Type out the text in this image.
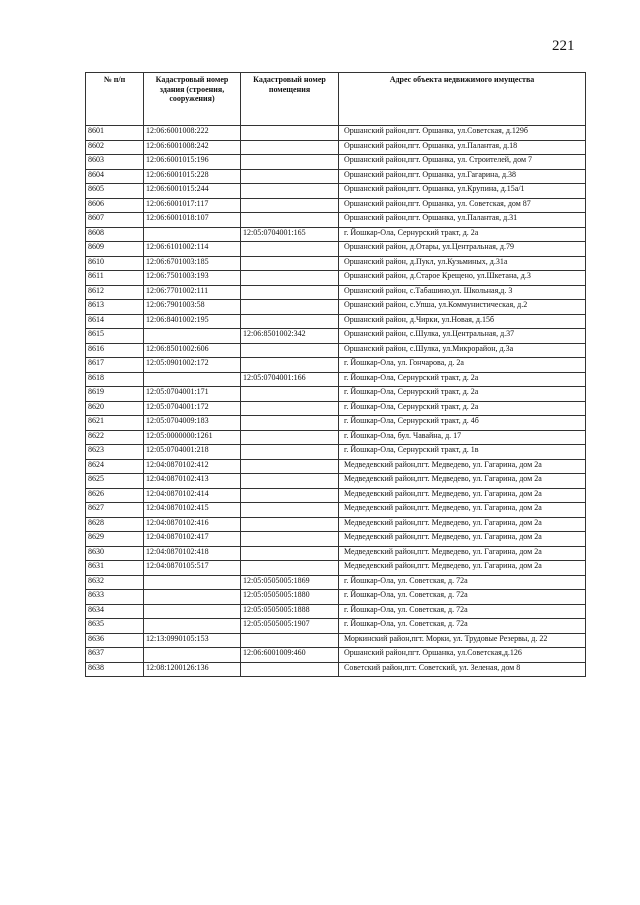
221
№ п/п	Кадастровый номер здания (строения, сооружения)	Кадастровый номер помещения	Адрес объекта недвижимого имущества
8601	12:06:6001008:222		Оршанский район,пгт. Оршанка, ул.Советская, д.129б
8602	12:06:6001008:242		Оршанский район,пгт. Оршанка, ул.Палантая, д.18
8603	12:06:6001015:196		Оршанский район,пгт. Оршанка, ул. Строителей, дом 7
8604	12:06:6001015:228		Оршанский район,пгт. Оршанка, ул.Гагарина, д.38
8605	12:06:6001015:244		Оршанский район,пгт. Оршанка, ул.Крупина, д.15а/1
8606	12:06:6001017:117		Оршанский район,пгт. Оршанка, ул. Советская, дом 87
8607	12:06:6001018:107		Оршанский район,пгт. Оршанка, ул.Палантая, д.31
8608		12:05:0704001:165	г. Йошкар-Ола, Сернурский тракт, д. 2а
8609	12:06:6101002:114		Оршанский район, д.Отары, ул.Центральная, д.79
8610	12:06:6701003:185		Оршанский район, д.Пукл, ул.Кузьминых, д.31а
8611	12:06:7501003:193		Оршанский район, д.Старое Крещено, ул.Шкетана, д.3
8612	12:06:7701002:111		Оршанский район, с.Табашино,ул. Школьная,д. 3
8613	12:06:7901003:58		Оршанский район, с.Упша, ул.Коммунистическая, д.2
8614	12:06:8401002:195		Оршанский район, д.Чирки, ул.Новая, д.15б
8615		12:06:8501002:342	Оршанский район, с.Шулка, ул.Центральная, д.37
8616	12:06:8501002:606		Оршанский район, с.Шулка, ул.Микрорайон, д.3а
8617	12:05:0901002:172		г. Йошкар-Ола, ул. Гончарова, д. 2а
8618		12:05:0704001:166	г. Йошкар-Ола, Сернурский тракт, д. 2а
8619	12:05:0704001:171		г. Йошкар-Ола, Сернурский тракт, д. 2а
8620	12:05:0704001:172		г. Йошкар-Ола, Сернурский тракт, д. 2а
8621	12:05:0704009:183		г. Йошкар-Ола, Сернурский тракт, д. 4б
8622	12:05:0000000:1261		г. Йошкар-Ола, бул. Чавайна, д. 17
8623	12:05:0704001:218		г. Йошкар-Ола, Сернурский тракт, д. 1в
8624	12:04:0870102:412		Медведевский район,пгт. Медведево, ул. Гагарина, дом 2а
8625	12:04:0870102:413		Медведевский район,пгт. Медведево, ул. Гагарина, дом 2а
8626	12:04:0870102:414		Медведевский район,пгт. Медведево, ул. Гагарина, дом 2а
8627	12:04:0870102:415		Медведевский район,пгт. Медведево, ул. Гагарина, дом 2а
8628	12:04:0870102:416		Медведевский район,пгт. Медведево, ул. Гагарина, дом 2а
8629	12:04:0870102:417		Медведевский район,пгт. Медведево, ул. Гагарина, дом 2а
8630	12:04:0870102:418		Медведевский район,пгт. Медведево, ул. Гагарина, дом 2а
8631	12:04:0870105:517		Медведевский район,пгт. Медведево, ул. Гагарина, дом 2а
8632		12:05:0505005:1869	г. Йошкар-Ола, ул. Советская, д. 72а
8633		12:05:0505005:1880	г. Йошкар-Ола, ул. Советская, д. 72а
8634		12:05:0505005:1888	г. Йошкар-Ола, ул. Советская, д. 72а
8635		12:05:0505005:1907	г. Йошкар-Ола, ул. Советская, д. 72а
8636	12:13:0990105:153		Моркинский район,пгт. Морки, ул. Трудовые Резервы, д. 22
8637		12:06:6001009:460	Оршанский район,пгт. Оршанка, ул.Советская,д.126
8638	12:08:1200126:136		Советский район,пгт. Советский, ул. Зеленая, дом 8
